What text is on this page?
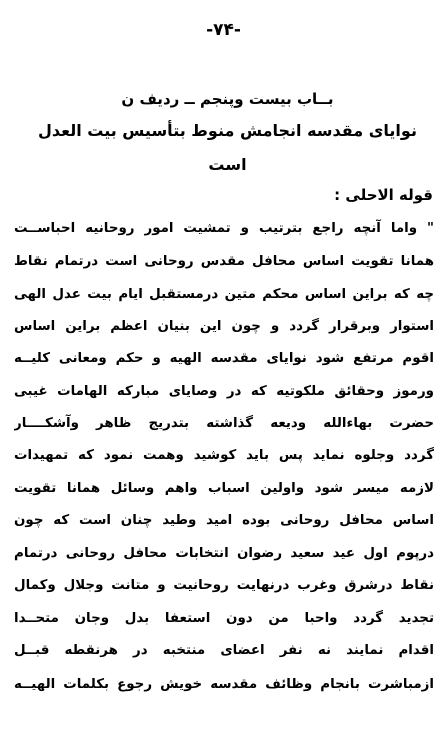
-۷۴-
بــاب بيست وپنجم ــ رديف ن
نواياى مقدسه انجامش منوط بتأسيس بيت العدل
است
قوله الاحلى :
" واما آنچه راجع بترتيب و تمشيت امور روحانيه احباســت
همانا تقويت اساس محافل مقدس روحانى است درتمام نقاط
چه كه براين اساس محكم متين درمستقبل ايام بيت عدل الهى
استوار وبرقرار گردد و چون اين بنيان اعظم براين اساس
اقوم مرتفع شود نواياى مقدسه الهيه و حكم ومعانى كليــه
ورموز وحقائق ملكوتيه كه در وصاياى مباركه الهامات غيبى
حضرت بهاءالله وديعه گذاشته بتدريج ظاهر وآشكــــار
گردد وجلوه نمايد پس بايد كوشيد وهمت نمود كه تمهيدات
لازمه ميسر شود واولين اسباب واهم وسائل همانا تقويت
اساس محافل روحانى بوده اميد وطيد چنان است كه چون
درپوم اول عيد سعيد رضوان انتخابات محافل روحانى درتمام
نقاط درشرق وغرب درنهايت روحانيت و متانت وجلال وكمال
تجديد گردد واحبا من دون استعفا بدل وجان متحــدا
اقدام نمايند نه نفر اعضاى منتخبه در هرنقطه قبــل
ازمباشرت بانجام وظائف مقدسه خويش رجوع بكلمات الهيــه
